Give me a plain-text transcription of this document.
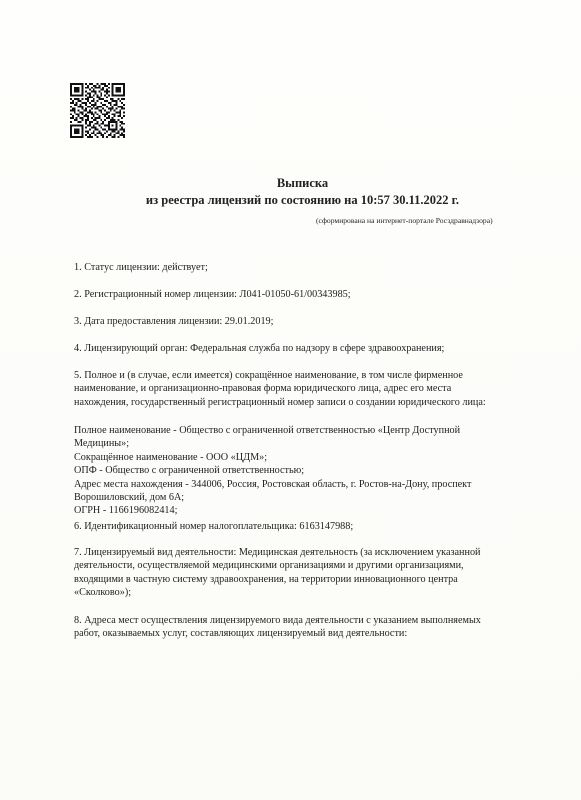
Выписка
из реестра лицензий по состоянию на 10:57 30.11.2022 г.
(сформирована на интернет-портале Росздравнадзора)
1. Статус лицензии: действует;
2. Регистрационный номер лицензии: Л041-01050-61/00343985;
3. Дата предоставления лицензии: 29.01.2019;
4. Лицензирующий орган: Федеральная служба по надзору в сфере здравоохранения;
5. Полное и (в случае, если имеется) сокращённое наименование, в том числе фирменное
наименование, и организационно-правовая форма юридического лица, адрес его места
нахождения, государственный регистрационный номер записи о создании юридического лица:
Полное наименование - Общество с ограниченной ответственностью «Центр Доступной
Медицины»;
Сокращённое наименование - ООО «ЦДМ»;
ОПФ - Общество с ограниченной ответственностью;
Адрес места нахождения - 344006, Россия, Ростовская область, г. Ростов-на-Дону, проспект
Ворошиловский, дом 6А;
ОГРН - 1166196082414;
6. Идентификационный номер налогоплательщика: 6163147988;
7. Лицензируемый вид деятельности: Медицинская деятельность (за исключением указанной
деятельности, осуществляемой медицинскими организациями и другими организациями,
входящими в частную систему здравоохранения, на территории инновационного центра
«Сколково»);
8. Адреса мест осуществления лицензируемого вида деятельности с указанием выполняемых
работ, оказываемых услуг, составляющих лицензируемый вид деятельности:
